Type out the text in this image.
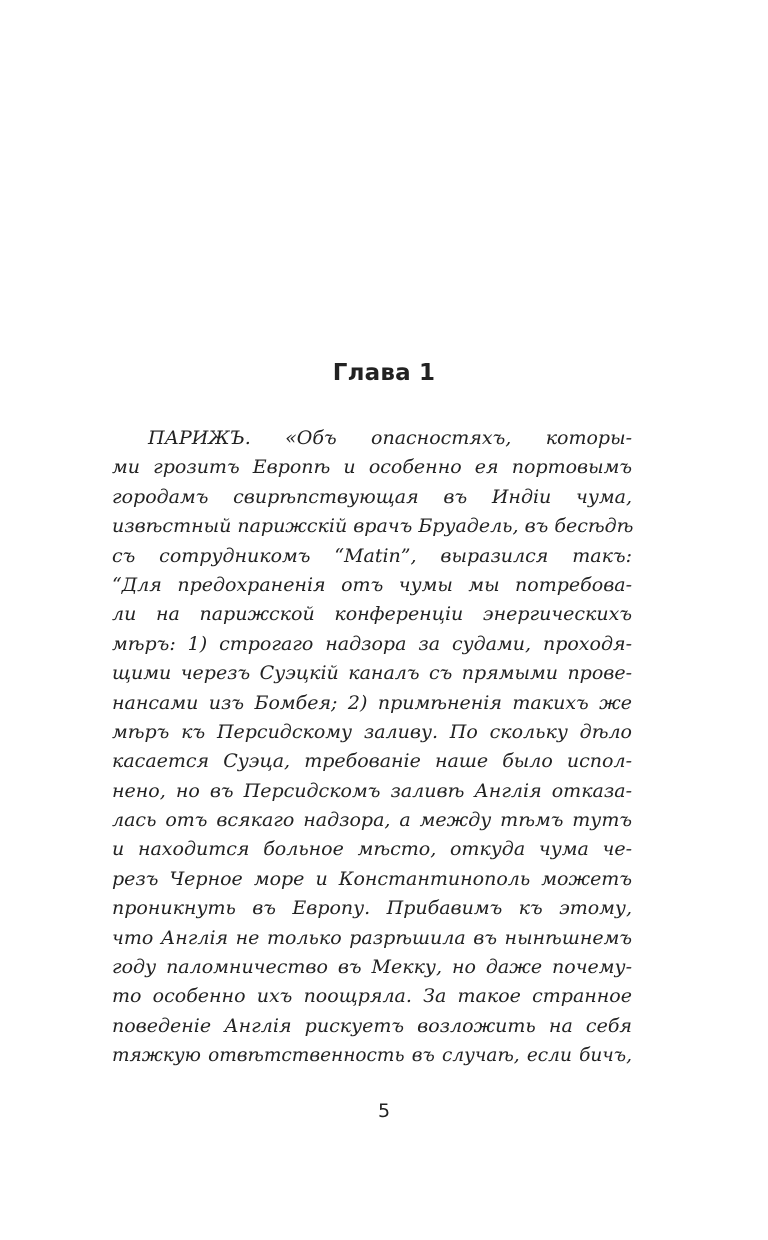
Глава 1
ПАРИЖЪ. «Объ опасностяхъ, которы-
ми грозитъ Европѣ и особенно ея портовымъ
городамъ свирѣпствующая въ Индіи чума,
извѣстный парижскій врачъ Бруадель, въ бесѣдѣ
съ сотрудникомъ “Matin”, выразился такъ:
“Для предохраненія отъ чумы мы потребова-
ли на парижской конференціи энергическихъ
мѣръ: 1) строгаго надзора за судами, проходя-
щими черезъ Суэцкій каналъ съ прямыми прове-
нансами изъ Бомбея; 2) примѣненія такихъ же
мѣръ къ Персидскому заливу. По скольку дѣло
касается Суэца, требованіе наше было испол-
нено, но въ Персидскомъ заливѣ Англія отказа-
лась отъ всякаго надзора, а между тѣмъ тутъ
и находится больное мѣсто, откуда чума че-
резъ Черное море и Константинополь можетъ
проникнуть въ Европу. Прибавимъ къ этому,
что Англія не только разрѣшила въ нынѣшнемъ
году паломничество въ Мекку, но даже почему-
то особенно ихъ поощряла. За такое странное
поведеніе Англія рискуетъ возложить на себя
тяжкую отвѣтственность въ случаѣ, если бичъ,
5
